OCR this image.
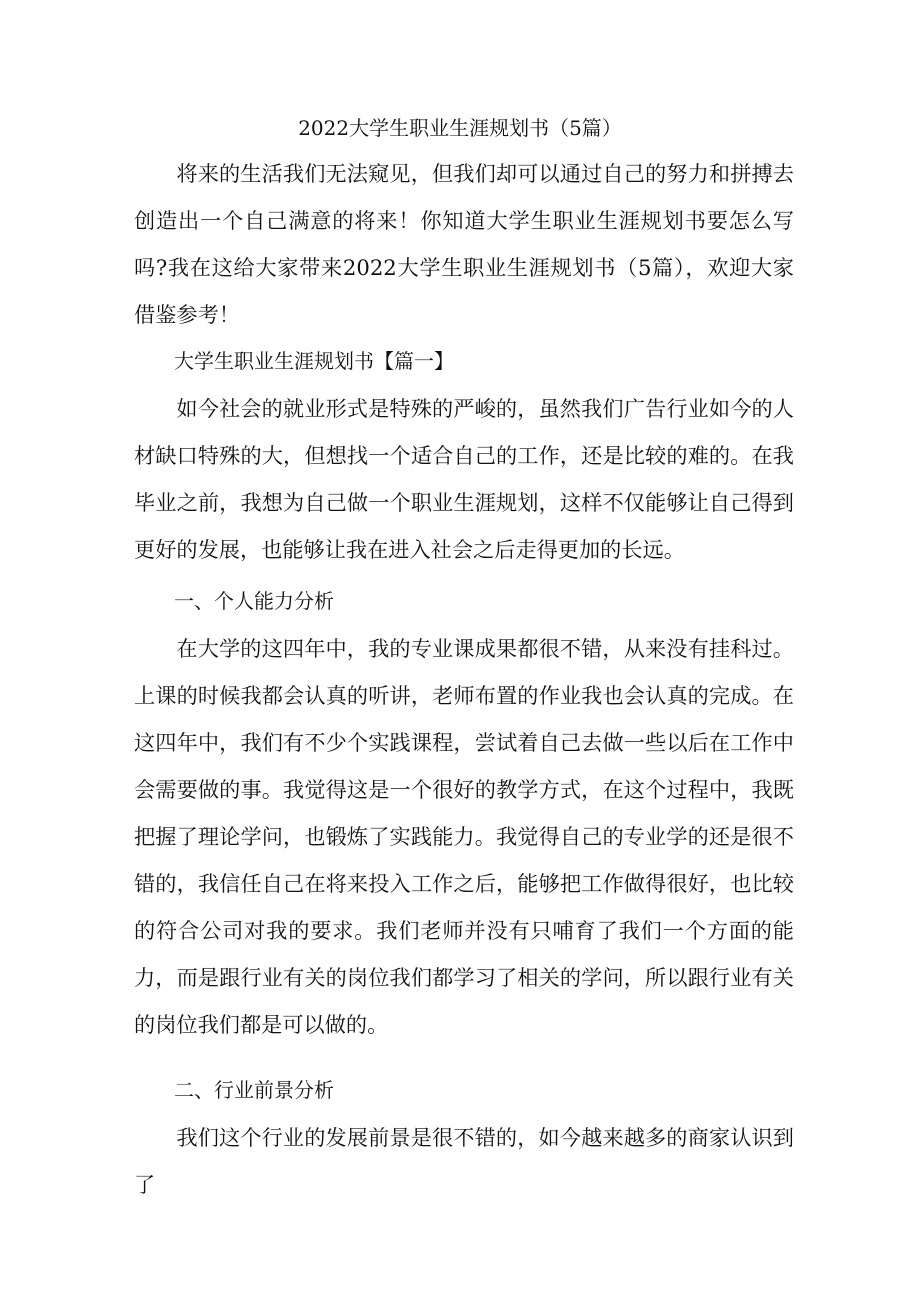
2022大学生职业生涯规划书（5篇）

将来的生活我们无法窥见，但我们却可以通过自己的努力和拼搏去创造出一个自己满意的将来！你知道大学生职业生涯规划书要怎么写吗?我在这给大家带来2022大学生职业生涯规划书（5篇），欢迎大家借鉴参考！

大学生职业生涯规划书【篇一】

如今社会的就业形式是特殊的严峻的，虽然我们广告行业如今的人材缺口特殊的大，但想找一个适合自己的工作，还是比较的难的。在我毕业之前，我想为自己做一个职业生涯规划，这样不仅能够让自己得到更好的发展，也能够让我在进入社会之后走得更加的长远。

一、个人能力分析

在大学的这四年中，我的专业课成果都很不错，从来没有挂科过。上课的时候我都会认真的听讲，老师布置的作业我也会认真的完成。在这四年中，我们有不少个实践课程，尝试着自己去做一些以后在工作中会需要做的事。我觉得这是一个很好的教学方式，在这个过程中，我既把握了理论学问，也锻炼了实践能力。我觉得自己的专业学的还是很不错的，我信任自己在将来投入工作之后，能够把工作做得很好，也比较的符合公司对我的要求。我们老师并没有只哺育了我们一个方面的能力，而是跟行业有关的岗位我们都学习了相关的学问，所以跟行业有关的岗位我们都是可以做的。

二、行业前景分析

我们这个行业的发展前景是很不错的，如今越来越多的商家认识到了
